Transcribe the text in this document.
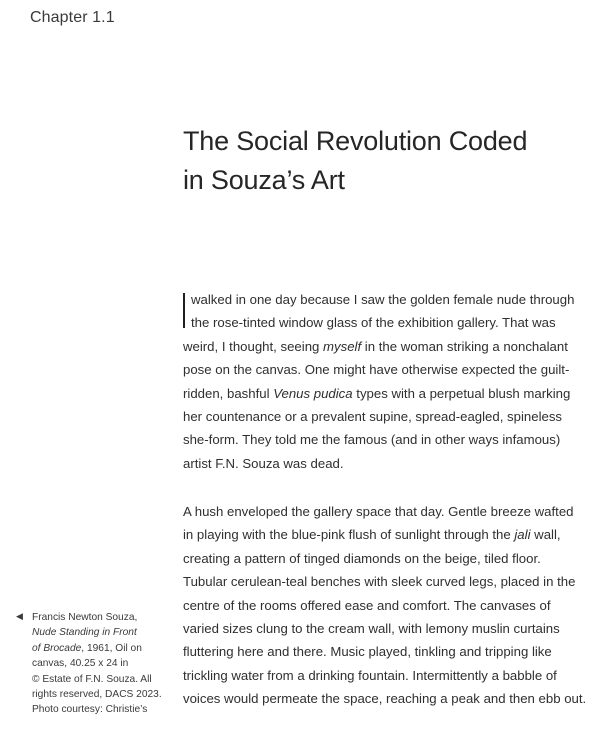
Chapter 1.1
The Social Revolution Coded
in Souza’s Art
walked in one day because I saw the golden female nude through
the rose-tinted window glass of the exhibition gallery. That was
weird, I thought, seeing myself in the woman striking a nonchalant
pose on the canvas. One might have otherwise expected the guilt-
ridden, bashful Venus pudica types with a perpetual blush marking
her countenance or a prevalent supine, spread-eagled, spineless
she-form. They told me the famous (and in other ways infamous)
artist F.N. Souza was dead.
A hush enveloped the gallery space that day. Gentle breeze wafted
in playing with the blue-pink flush of sunlight through the jali wall,
creating a pattern of tinged diamonds on the beige, tiled floor.
Tubular cerulean-teal benches with sleek curved legs, placed in the
centre of the rooms offered ease and comfort. The canvases of
varied sizes clung to the cream wall, with lemony muslin curtains
fluttering here and there. Music played, tinkling and tripping like
trickling water from a drinking fountain. Intermittently a babble of
voices would permeate the space, reaching a peak and then ebb out.
◀ Francis Newton Souza,
Nude Standing in Front
of Brocade, 1961, Oil on
canvas, 40.25 x 24 in
© Estate of F.N. Souza. All
rights reserved, DACS 2023.
Photo courtesy: Christie’s
